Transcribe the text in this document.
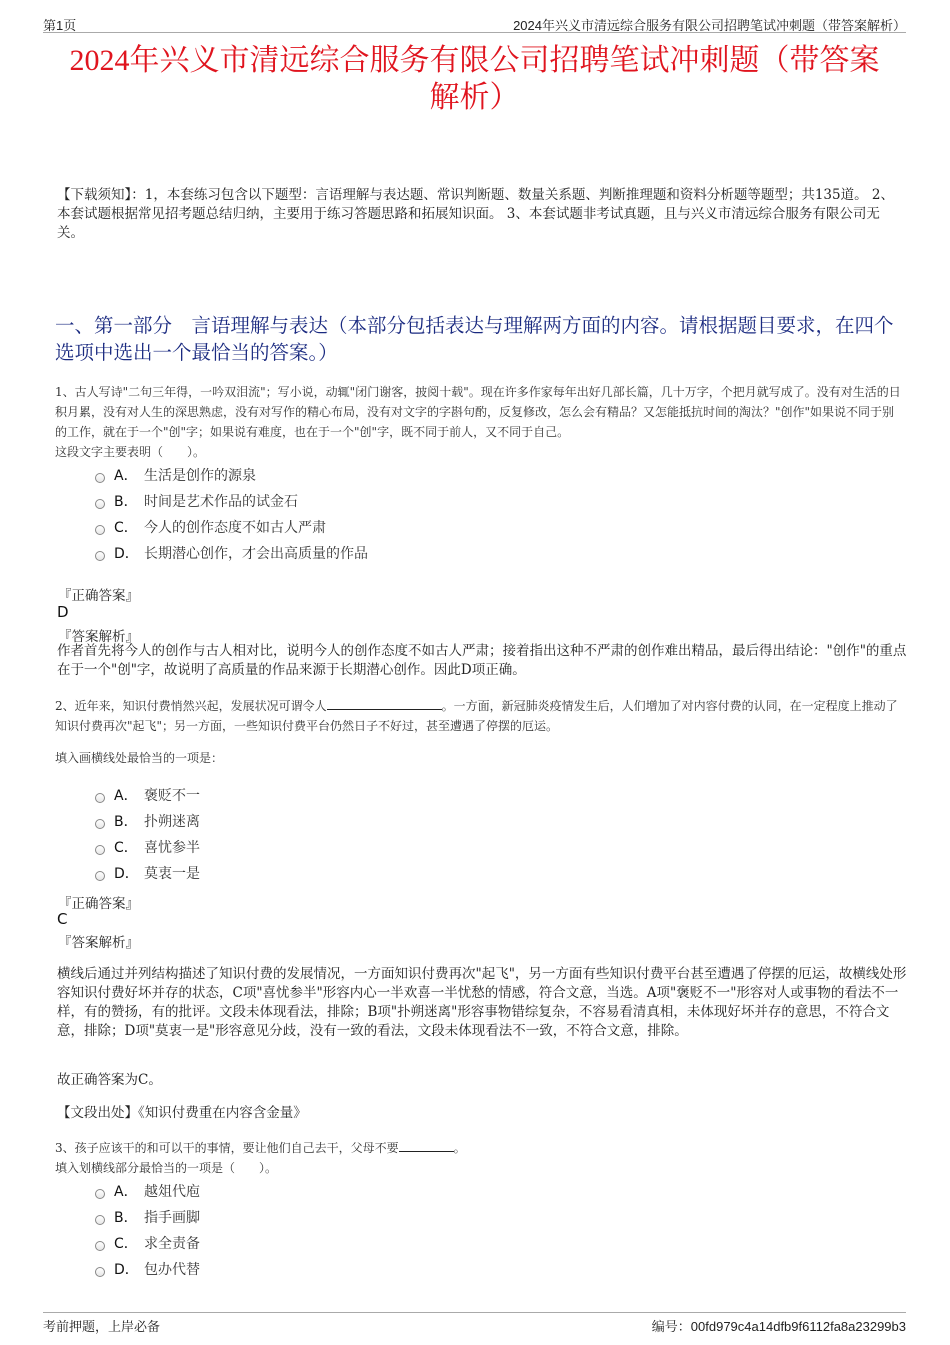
第1页	2024年兴义市清远综合服务有限公司招聘笔试冲刺题（带答案解析）
2024年兴义市清远综合服务有限公司招聘笔试冲刺题（带答案
解析）
【下载须知】：1，本套练习包含以下题型：言语理解与表达题、常识判断题、数量关系题、判断推理题和资料分析题等题型；共135道。 2、本套试题根据常见招考题总结归纳，主要用于练习答题思路和拓展知识面。 3、本套试题非考试真题，且与兴义市清远综合服务有限公司无关。
一、第一部分　言语理解与表达（本部分包括表达与理解两方面的内容。请根据题目要求，在四个选项中选出一个最恰当的答案。）
1、古人写诗"二句三年得，一吟双泪流"；写小说，动辄"闭门谢客，披阅十载"。现在许多作家每年出好几部长篇，几十万字，个把月就写成了。没有对生活的日积月累，没有对人生的深思熟虑，没有对写作的精心布局，没有对文字的字斟句酌，反复修改，怎么会有精品？又怎能抵抗时间的淘汰？"创作"如果说不同于别的工作，就在于一个"创"字；如果说有难度，也在于一个"创"字，既不同于前人，又不同于自己。
这段文字主要表明（　　）。
A． 生活是创作的源泉
B． 时间是艺术作品的试金石
C． 今人的创作态度不如古人严肃
D． 长期潜心创作，才会出高质量的作品
『正确答案』
D
『答案解析』
作者首先将今人的创作与古人相对比，说明今人的创作态度不如古人严肃；接着指出这种不严肃的创作难出精品，最后得出结论："创作"的重点在于一个"创"字，故说明了高质量的作品来源于长期潜心创作。因此D项正确。
2、近年来，知识付费悄然兴起，发展状况可谓令人	。一方面，新冠肺炎疫情发生后，人们增加了对内容付费的认同，在一定程度上推动了知识付费再次"起飞"；另一方面，一些知识付费平台仍然日子不好过，甚至遭遇了停摆的厄运。
填入画横线处最恰当的一项是：
A． 褒贬不一
B． 扑朔迷离
C． 喜忧参半
D． 莫衷一是
『正确答案』
C
『答案解析』
横线后通过并列结构描述了知识付费的发展情况，一方面知识付费再次"起飞"，另一方面有些知识付费平台甚至遭遇了停摆的厄运，故横线处形容知识付费好坏并存的状态，C项"喜忧参半"形容内心一半欢喜一半忧愁的情感，符合文意，当选。A项"褒贬不一"形容对人或事物的看法不一样，有的赞扬，有的批评。文段未体现看法，排除；B项"扑朔迷离"形容事物错综复杂，不容易看清真相，未体现好坏并存的意思，不符合文意，排除；D项"莫衷一是"形容意见分歧，没有一致的看法，文段未体现看法不一致，不符合文意，排除。
故正确答案为C。
【文段出处】《知识付费重在内容含金量》
3、孩子应该干的和可以干的事情，要让他们自己去干，父母不要	。
填入划横线部分最恰当的一项是（　　）。
A． 越俎代庖
B． 指手画脚
C． 求全责备
D． 包办代替
考前押题，上岸必备	编号：00fd979c4a14dfb9f6112fa8a23299b3
